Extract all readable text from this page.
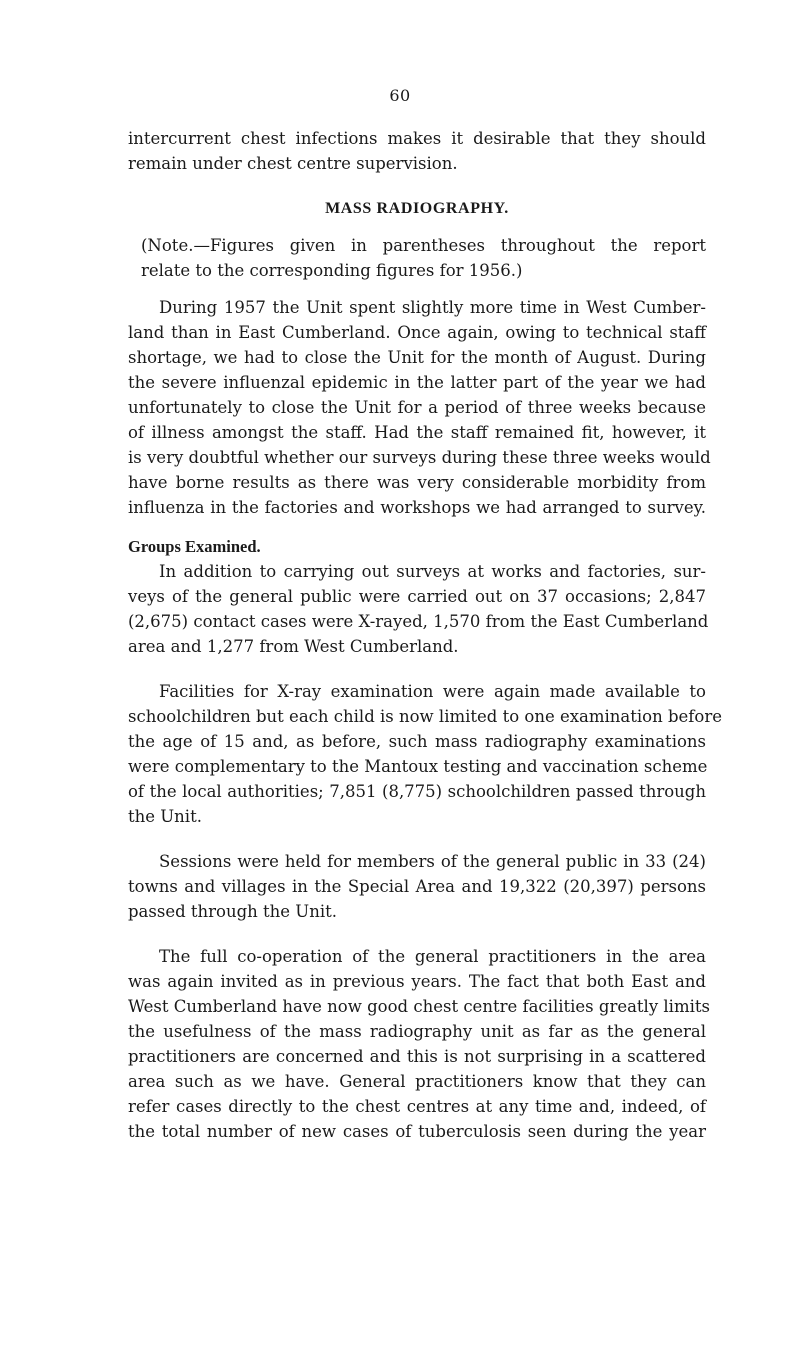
60
intercurrent chest infections makes it desirable that they should
remain under chest centre supervision.
MASS RADIOGRAPHY.
(Note.—Figures given in parentheses throughout the report
relate to the corresponding figures for 1956.)
During 1957 the Unit spent slightly more time in West Cumber-
land than in East Cumberland. Once again, owing to technical staff
shortage, we had to close the Unit for the month of August. During
the severe influenzal epidemic in the latter part of the year we had
unfortunately to close the Unit for a period of three weeks because
of illness amongst the staff. Had the staff remained fit, however, it
is very doubtful whether our surveys during these three weeks would
have borne results as there was very considerable morbidity from
influenza in the factories and workshops we had arranged to survey.
Groups Examined.
In addition to carrying out surveys at works and factories, sur-
veys of the general public were carried out on 37 occasions; 2,847
(2,675) contact cases were X-rayed, 1,570 from the East Cumberland
area and 1,277 from West Cumberland.
Facilities for X-ray examination were again made available to
schoolchildren but each child is now limited to one examination before
the age of 15 and, as before, such mass radiography examinations
were complementary to the Mantoux testing and vaccination scheme
of the local authorities; 7,851 (8,775) schoolchildren passed through
the Unit.
Sessions were held for members of the general public in 33 (24)
towns and villages in the Special Area and 19,322 (20,397) persons
passed through the Unit.
The full co-operation of the general practitioners in the area
was again invited as in previous years. The fact that both East and
West Cumberland have now good chest centre facilities greatly limits
the usefulness of the mass radiography unit as far as the general
practitioners are concerned and this is not surprising in a scattered
area such as we have. General practitioners know that they can
refer cases directly to the chest centres at any time and, indeed, of
the total number of new cases of tuberculosis seen during the year
